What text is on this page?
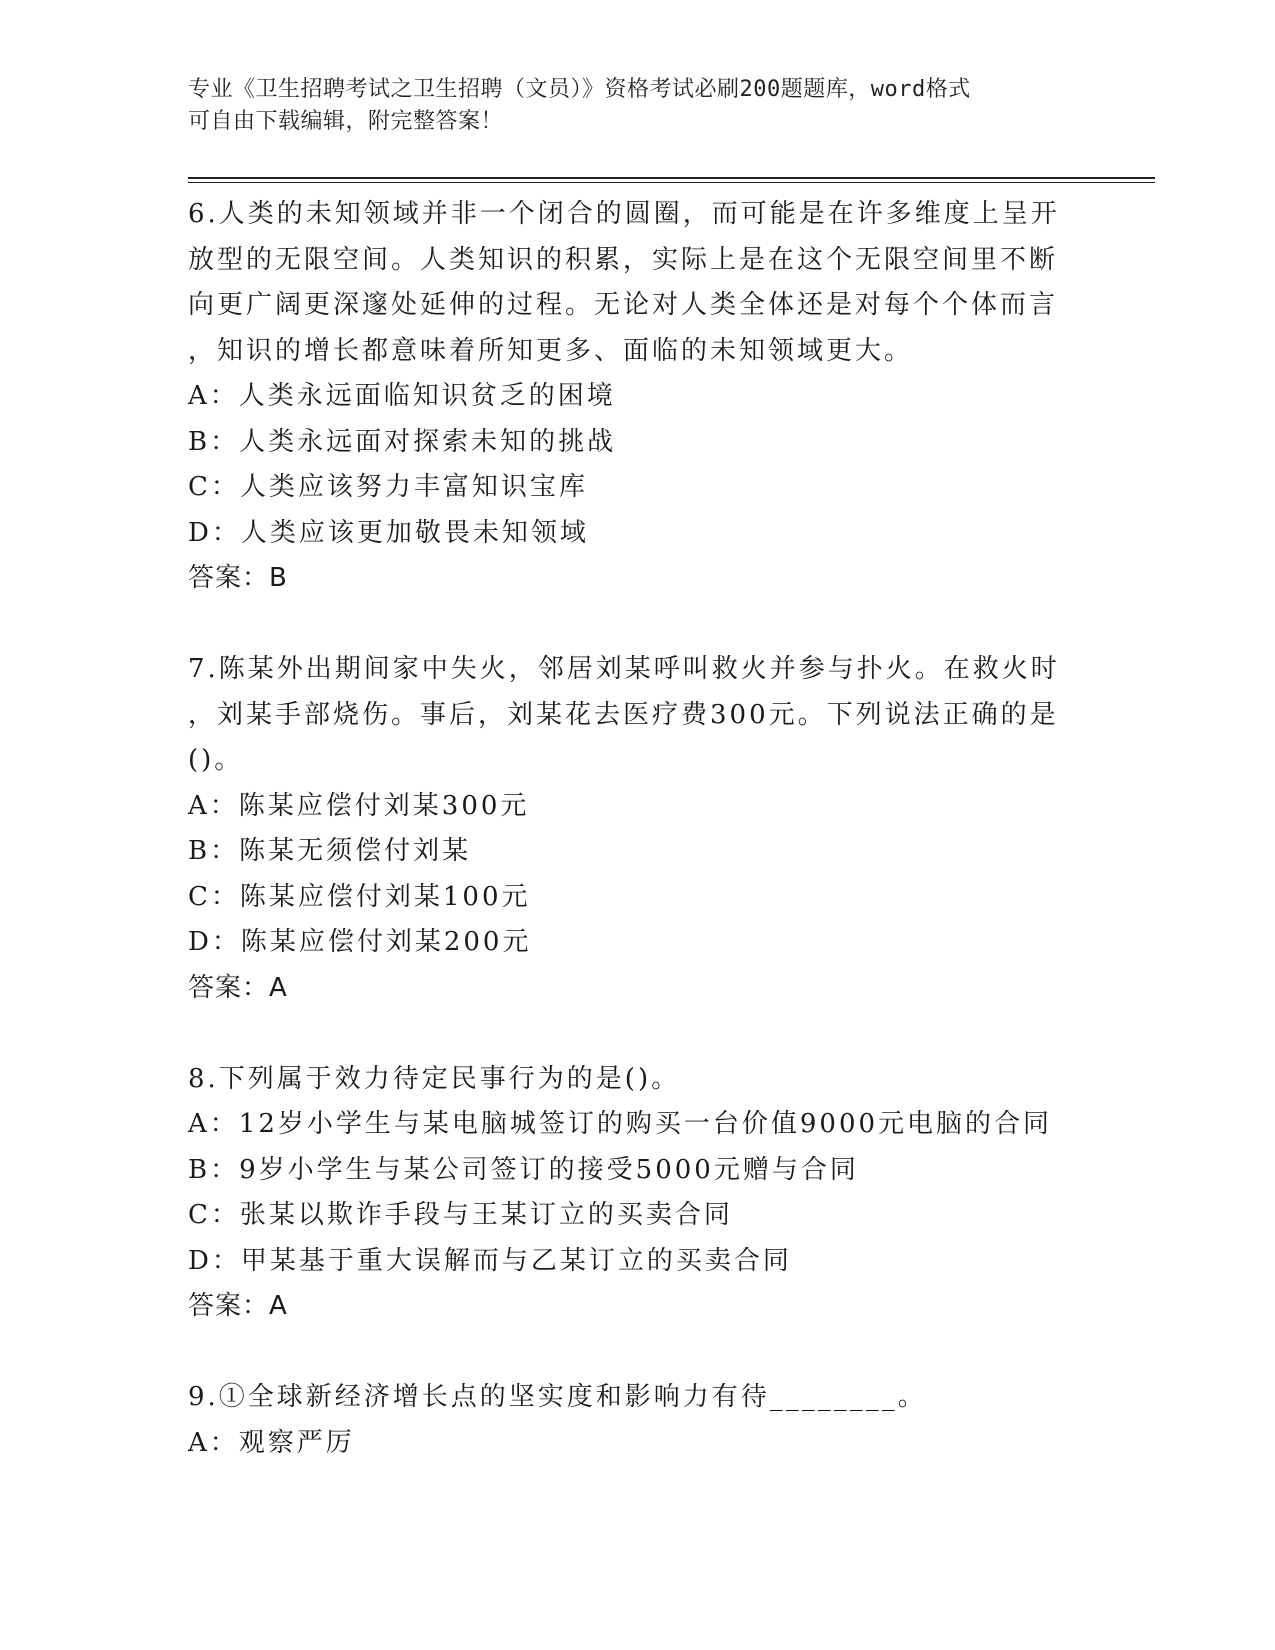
专业《卫生招聘考试之卫生招聘（文员）》资格考试必刷200题题库，word格式
可自由下载编辑，附完整答案！
6.人类的未知领域并非一个闭合的圆圈，而可能是在许多维度上呈开
放型的无限空间。人类知识的积累，实际上是在这个无限空间里不断
向更广阔更深邃处延伸的过程。无论对人类全体还是对每个个体而言
，知识的增长都意味着所知更多、面临的未知领域更大。
A：人类永远面临知识贫乏的困境
B：人类永远面对探索未知的挑战
C：人类应该努力丰富知识宝库
D：人类应该更加敬畏未知领域
答案：B
7.陈某外出期间家中失火，邻居刘某呼叫救火并参与扑火。在救火时
，刘某手部烧伤。事后，刘某花去医疗费300元。下列说法正确的是
()。
A：陈某应偿付刘某300元
B：陈某无须偿付刘某
C：陈某应偿付刘某100元
D：陈某应偿付刘某200元
答案：A
8.下列属于效力待定民事行为的是()。
A：12岁小学生与某电脑城签订的购买一台价值9000元电脑的合同
B：9岁小学生与某公司签订的接受5000元赠与合同
C：张某以欺诈手段与王某订立的买卖合同
D：甲某基于重大误解而与乙某订立的买卖合同
答案：A
9.①全球新经济增长点的坚实度和影响力有待________。
A：观察严厉
